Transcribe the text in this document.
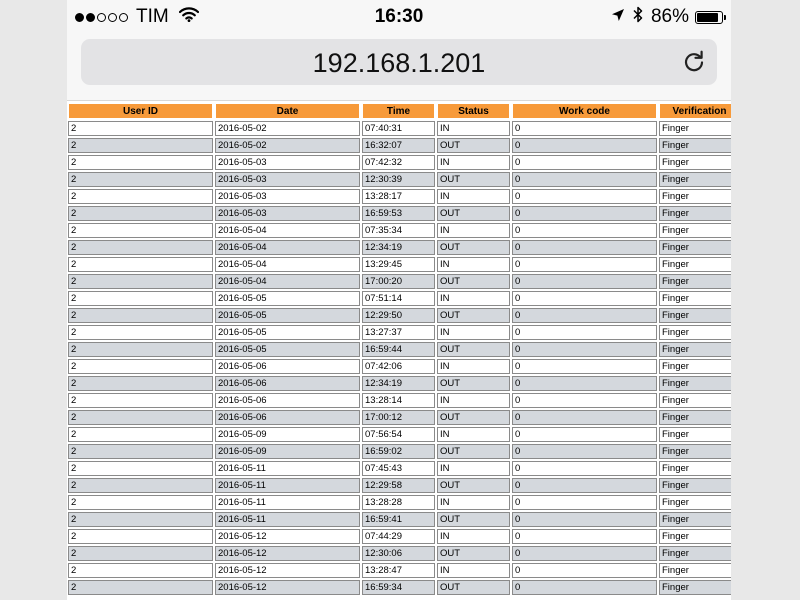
TIM	16:30	86%
192.168.1.201
User ID	Date	Time	Status	Work code	Verification
2	2016-05-02	07:40:31	IN	0	Finger
2	2016-05-02	16:32:07	OUT	0	Finger
2	2016-05-03	07:42:32	IN	0	Finger
2	2016-05-03	12:30:39	OUT	0	Finger
2	2016-05-03	13:28:17	IN	0	Finger
2	2016-05-03	16:59:53	OUT	0	Finger
2	2016-05-04	07:35:34	IN	0	Finger
2	2016-05-04	12:34:19	OUT	0	Finger
2	2016-05-04	13:29:45	IN	0	Finger
2	2016-05-04	17:00:20	OUT	0	Finger
2	2016-05-05	07:51:14	IN	0	Finger
2	2016-05-05	12:29:50	OUT	0	Finger
2	2016-05-05	13:27:37	IN	0	Finger
2	2016-05-05	16:59:44	OUT	0	Finger
2	2016-05-06	07:42:06	IN	0	Finger
2	2016-05-06	12:34:19	OUT	0	Finger
2	2016-05-06	13:28:14	IN	0	Finger
2	2016-05-06	17:00:12	OUT	0	Finger
2	2016-05-09	07:56:54	IN	0	Finger
2	2016-05-09	16:59:02	OUT	0	Finger
2	2016-05-11	07:45:43	IN	0	Finger
2	2016-05-11	12:29:58	OUT	0	Finger
2	2016-05-11	13:28:28	IN	0	Finger
2	2016-05-11	16:59:41	OUT	0	Finger
2	2016-05-12	07:44:29	IN	0	Finger
2	2016-05-12	12:30:06	OUT	0	Finger
2	2016-05-12	13:28:47	IN	0	Finger
2	2016-05-12	16:59:34	OUT	0	Finger
